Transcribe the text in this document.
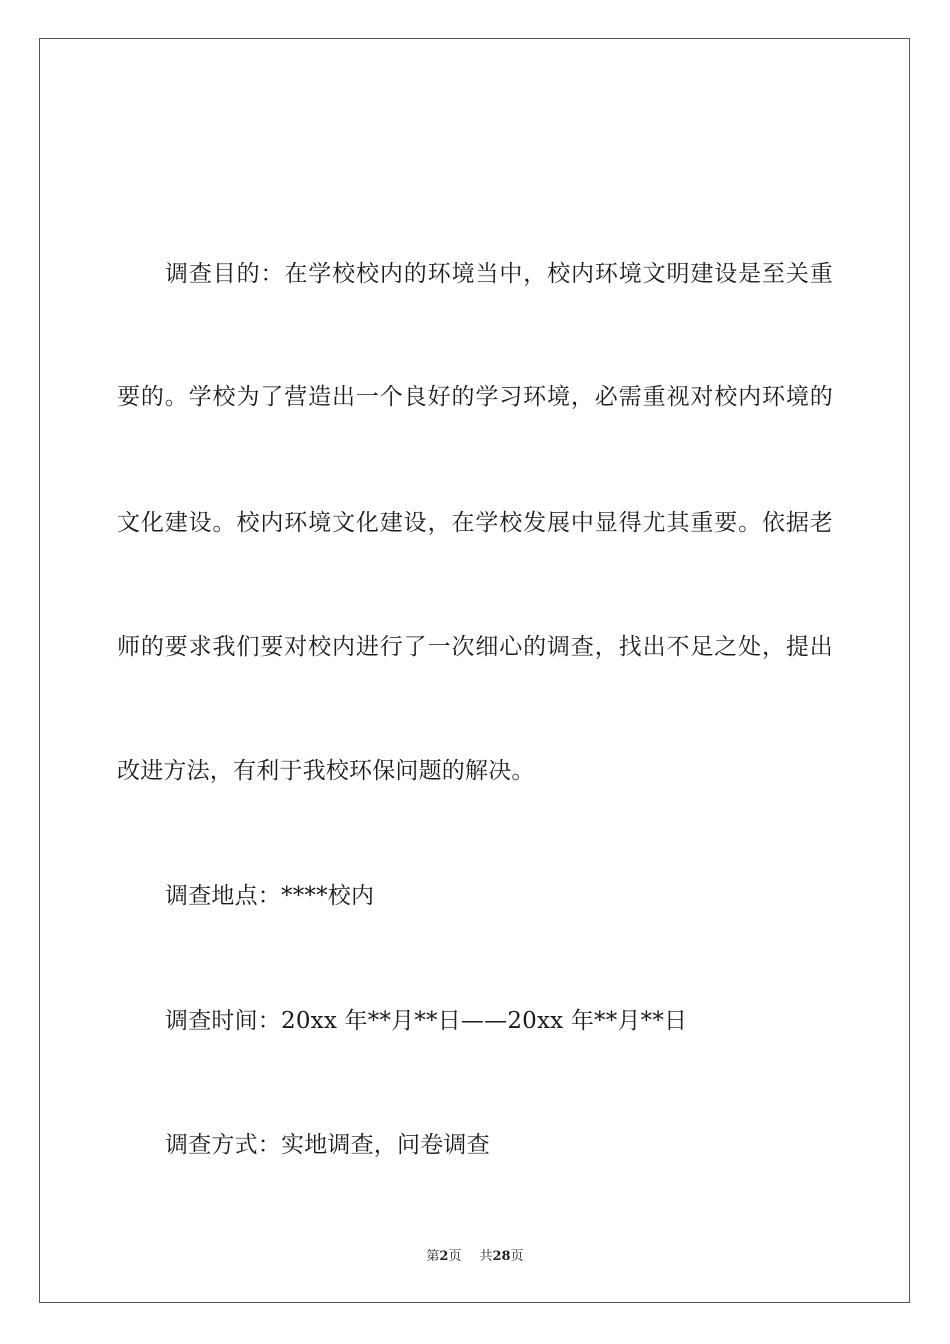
调查目的：在学校校内的环境当中，校内环境文明建设是至关重
要的。学校为了营造出一个良好的学习环境，必需重视对校内环境的
文化建设。校内环境文化建设，在学校发展中显得尤其重要。依据老
师的要求我们要对校内进行了一次细心的调查，找出不足之处，提出
改进方法，有利于我校环保问题的解决。
调查地点：****校内
调查时间：20xx 年**月**日——20xx 年**月**日
调查方式：实地调查，问卷调查
第2页 共28页
